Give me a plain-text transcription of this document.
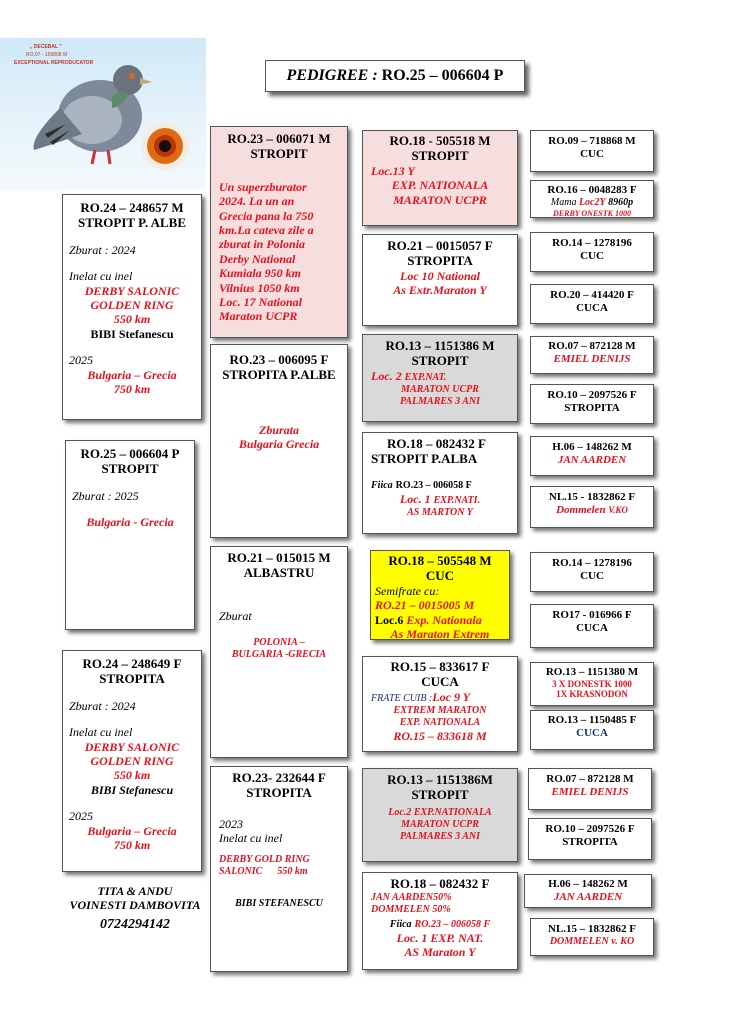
„ DECEBAL "
RO.07 - 159808 M
EXCEPTIONAL REPRODUCATOR
PEDIGREE : RO.25 – 006604 P
RO.24 – 248657 M
STROPIT P. ALBE
Zburat : 2024
Inelat cu inel
DERBY SALONIC
GOLDEN RING
550 km
BIBI Stefanescu
2025
Bulgaria – Grecia
750 km
RO.25 – 006604 P
STROPIT
Zburat : 2025
Bulgaria - Grecia
RO.24 – 248649 F
STROPITA
Zburat : 2024
Inelat cu inel
DERBY SALONIC
GOLDEN RING
550 km
BIBI Stefanescu
2025
Bulgaria – Grecia
750 km
TITA & ANDU
VOINESTI DAMBOVITA
0724294142
RO.23 – 006071 M
STROPIT
Un superzburator
2024. La un an
Grecia pana la 750
km.La cateva zile a
zburat in Polonia
Derby National
Kumiala 950 km
Vilnius 1050 km
Loc. 17 National
Maraton UCPR
RO.23 – 006095 F
STROPITA P.ALBE
Zburata
Bulgaria Grecia
RO.21 – 015015 M
ALBASTRU
Zburat
POLONIA –
BULGARIA -GRECIA
RO.23- 232644 F
STROPITA
2023
Inelat cu inel
DERBY GOLD RING
SALONIC      550 km
BIBI STEFANESCU
RO.18 - 505518 M
STROPIT
Loc.13 Y
EXP. NATIONALA
MARATON UCPR
RO.21 – 0015057 F
STROPITA
Loc 10 National
As Extr.Maraton Y
RO.13 – 1151386 M
STROPIT
Loc. 2 EXP.NAT.
MARATON UCPR
PALMARES 3 ANI
RO.18 – 082432 F
STROPIT P.ALBA
Fiica RO.23 – 006058 F
Loc. 1 EXP.NATI.
AS MARTON Y
RO.18 – 505548 M
CUC
Semifrate cu:
RO.21 – 0015005 M
Loc.6 Exp. Nationala
As Maraton Extrem
RO.15 – 833617 F
CUCA
FRATE CUIB :Loc 9 Y
EXTREM MARATON
EXP. NATIONALA
RO.15 – 833618 M
RO.13 – 1151386M
STROPIT
Loc.2 EXP.NATIONALA
MARATON UCPR
PALMARES 3 ANI
RO.18 – 082432 F
JAN AARDEN50%
DOMMELEN 50%
Fiica RO.23 – 006058 F
Loc. 1 EXP. NAT.
AS Maraton Y
RO.09 – 718868 M
CUC
RO.16 – 0048283 F
Mama Loc2Y 8960p
DERBY ONESTK 1000
RO.14 – 1278196
CUC
RO.20 – 414420 F
CUCA
RO.07 – 872128 M
EMIEL DENIJS
RO.10 – 2097526 F
STROPITA
H.06 – 148262 M
JAN AARDEN
NL.15 - 1832862 F
Dommelen V.KO
RO.14 – 1278196
CUC
RO17 - 016966 F
CUCA
RO.13 – 1151380 M
3 X DONESTK 1000
1X KRASNODON
RO.13 – 1150485 F
CUCA
RO.07 – 872128 M
EMIEL DENIJS
RO.10 – 2097526 F
STROPITA
H.06 – 148262 M
JAN AARDEN
NL.15 – 1832862 F
DOMMELEN v. KO
